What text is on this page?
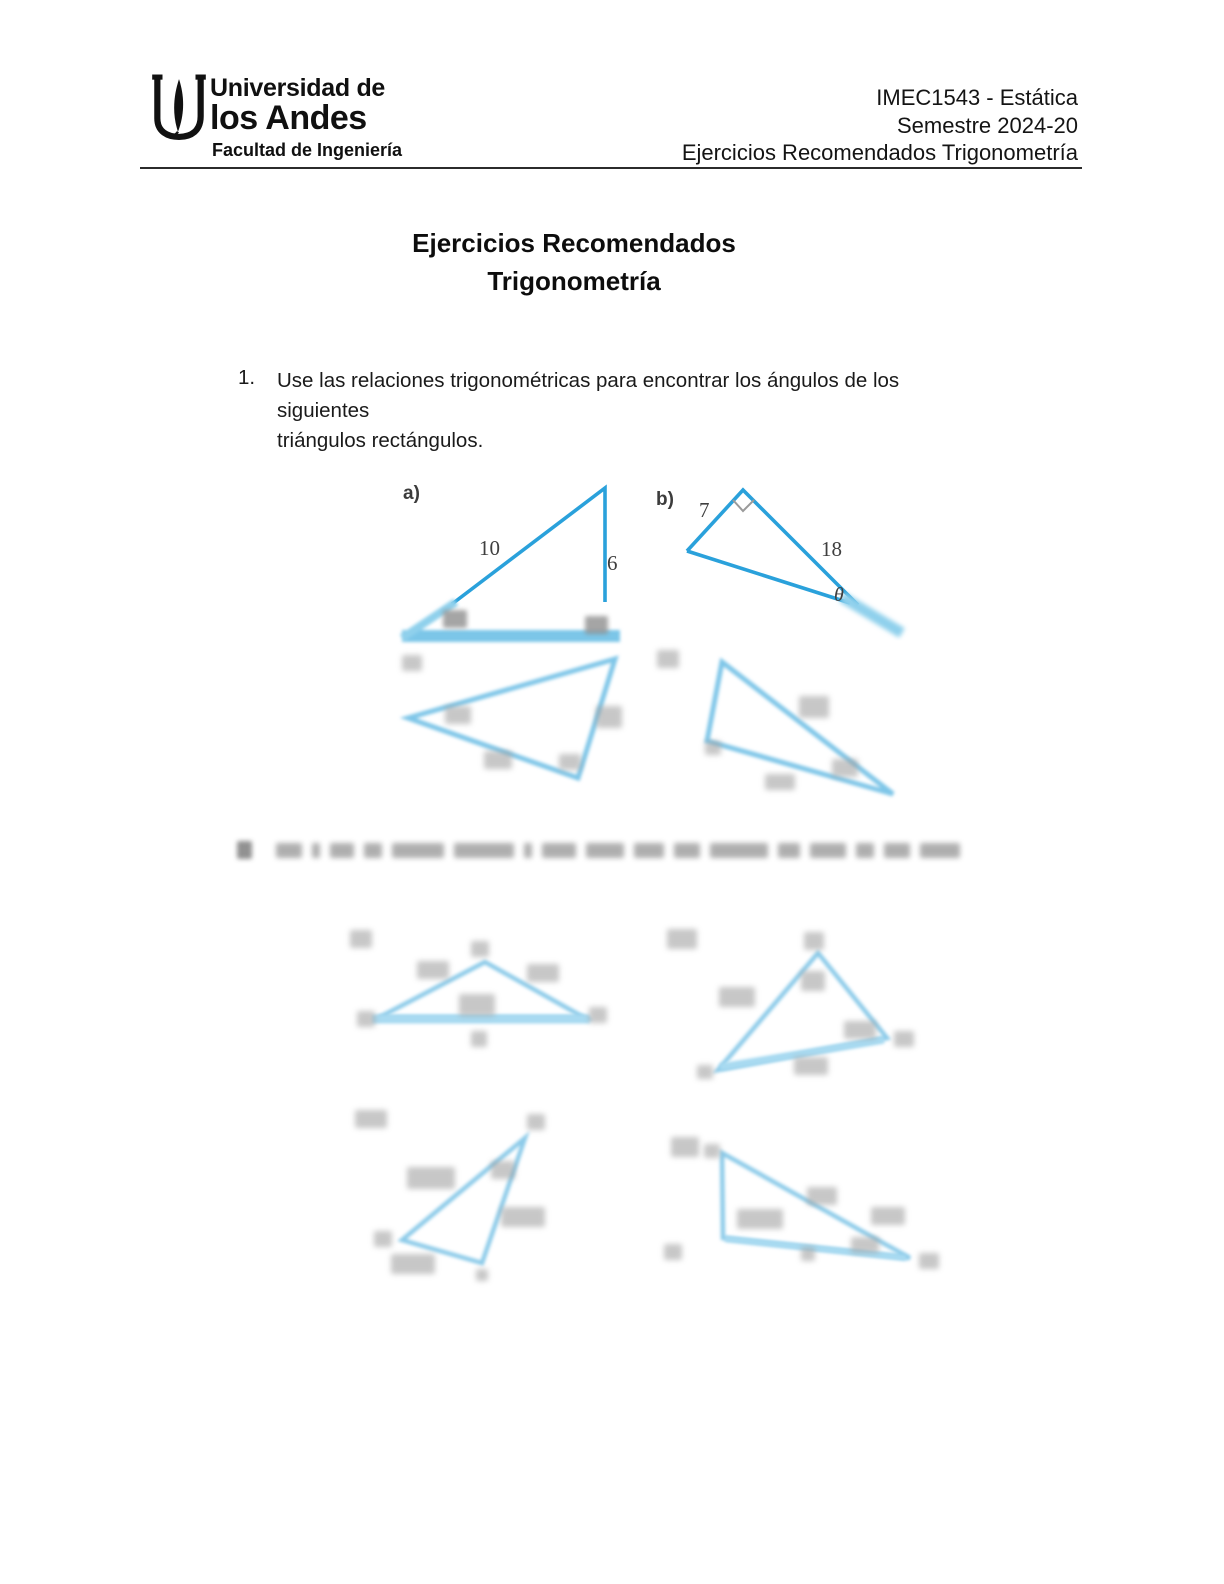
Universidad de
los Andes
Facultad de Ingeniería
IMEC1543 - Estática
Semestre 2024-20
Ejercicios Recomendados Trigonometría
Ejercicios Recomendados
Trigonometría
1. Use las relaciones trigonométricas para encontrar los ángulos de los siguientes
triángulos rectángulos.
a)
10
6
b) 7
18
θ
